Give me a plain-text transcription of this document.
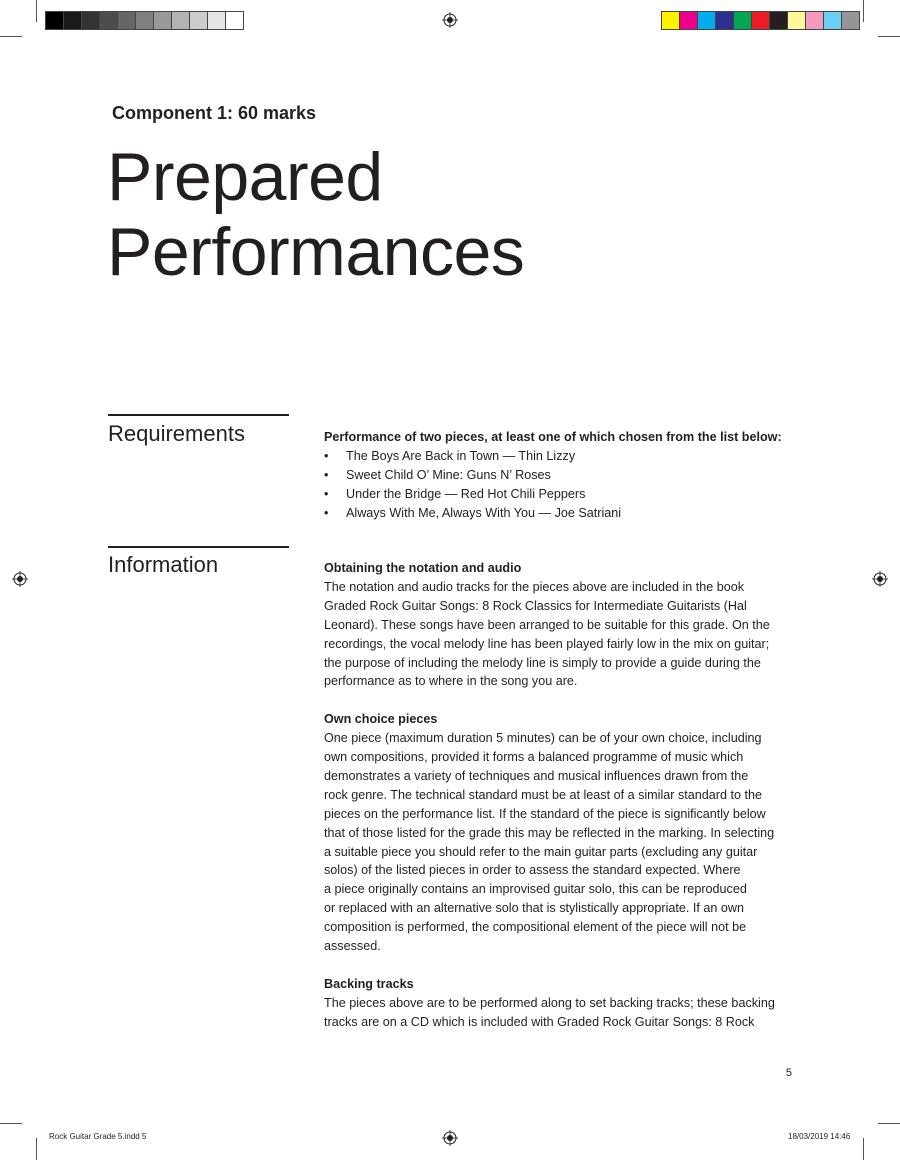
Component 1: 60 marks
Prepared
Performances
Requirements	Performance of two pieces, at least one of which chosen from the list below:
• The Boys Are Back in Town — Thin Lizzy
• Sweet Child O’ Mine: Guns N’ Roses
• Under the Bridge — Red Hot Chili Peppers
• Always With Me, Always With You — Joe Satriani
Information	Obtaining the notation and audio
The notation and audio tracks for the pieces above are included in the book
Graded Rock Guitar Songs: 8 Rock Classics for Intermediate Guitarists (Hal
Leonard). These songs have been arranged to be suitable for this grade. On the
recordings, the vocal melody line has been played fairly low in the mix on guitar;
the purpose of including the melody line is simply to provide a guide during the
performance as to where in the song you are.
Own choice pieces
One piece (maximum duration 5 minutes) can be of your own choice, including
own compositions, provided it forms a balanced programme of music which
demonstrates a variety of techniques and musical influences drawn from the
rock genre. The technical standard must be at least of a similar standard to the
pieces on the performance list. If the standard of the piece is significantly below
that of those listed for the grade this may be reflected in the marking. In selecting
a suitable piece you should refer to the main guitar parts (excluding any guitar
solos) of the listed pieces in order to assess the standard expected. Where
a piece originally contains an improvised guitar solo, this can be reproduced
or replaced with an alternative solo that is stylistically appropriate. If an own
composition is performed, the compositional element of the piece will not be
assessed.
Backing tracks
The pieces above are to be performed along to set backing tracks; these backing
tracks are on a CD which is included with Graded Rock Guitar Songs: 8 Rock
5
Rock Guitar Grade 5.indd 5	18/03/2019 14:46
